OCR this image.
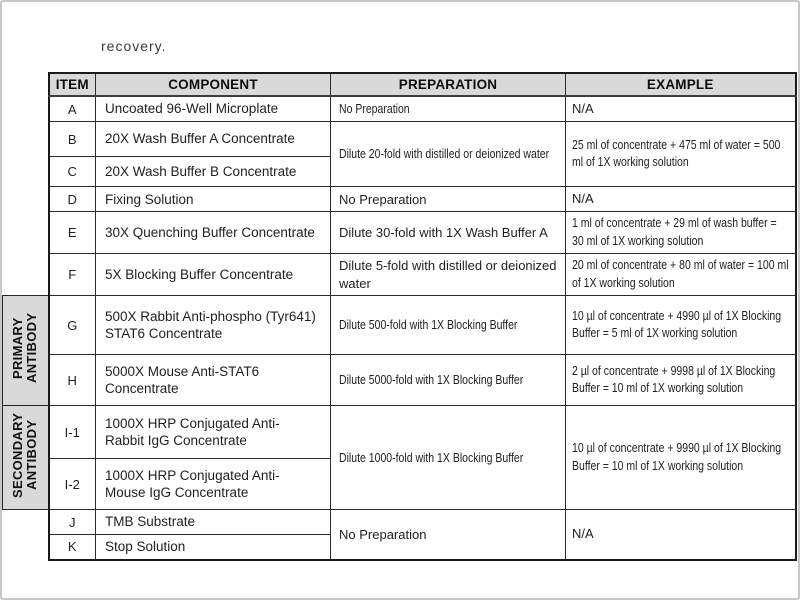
recovery.
	ITEM	COMPONENT	PREPARATION	EXAMPLE

	A	Uncoated 96-Well Microplate	No Preparation	N/A

	B	20X Wash Buffer A Concentrate	Dilute 20-fold with distilled or deionized water	25 ml of concentrate + 475 ml of water = 500 ml of 1X working solution

	C	20X Wash Buffer B Concentrate		

	D	Fixing Solution	No Preparation	N/A

	E	30X Quenching Buffer Concentrate	Dilute 30-fold with 1X Wash Buffer A	1 ml of concentrate + 29 ml of wash buffer = 30 ml of 1X working solution

	F	5X Blocking Buffer Concentrate	Dilute 5-fold with distilled or deionized water	20 ml of concentrate + 80 ml of water = 100 ml of 1X working solution

PRIMARY ANTIBODY	G	500X Rabbit Anti-phospho (Tyr641) STAT6 Concentrate	Dilute 500-fold with 1X Blocking Buffer	10 µl of concentrate + 4990 µl of 1X Blocking Buffer = 5 ml of 1X working solution

	H	5000X Mouse Anti-STAT6 Concentrate	Dilute 5000-fold with 1X Blocking Buffer	2 µl of concentrate + 9998 µl of 1X Blocking Buffer = 10 ml of 1X working solution

SECONDARY ANTIBODY	I-1	1000X HRP Conjugated Anti-Rabbit IgG Concentrate	Dilute 1000-fold with 1X Blocking Buffer	10 µl of concentrate + 9990 µl of 1X Blocking Buffer = 10 ml of 1X working solution

	I-2	1000X HRP Conjugated Anti-Mouse IgG Concentrate		

	J	TMB Substrate	No Preparation	N/A

	K	Stop Solution		
